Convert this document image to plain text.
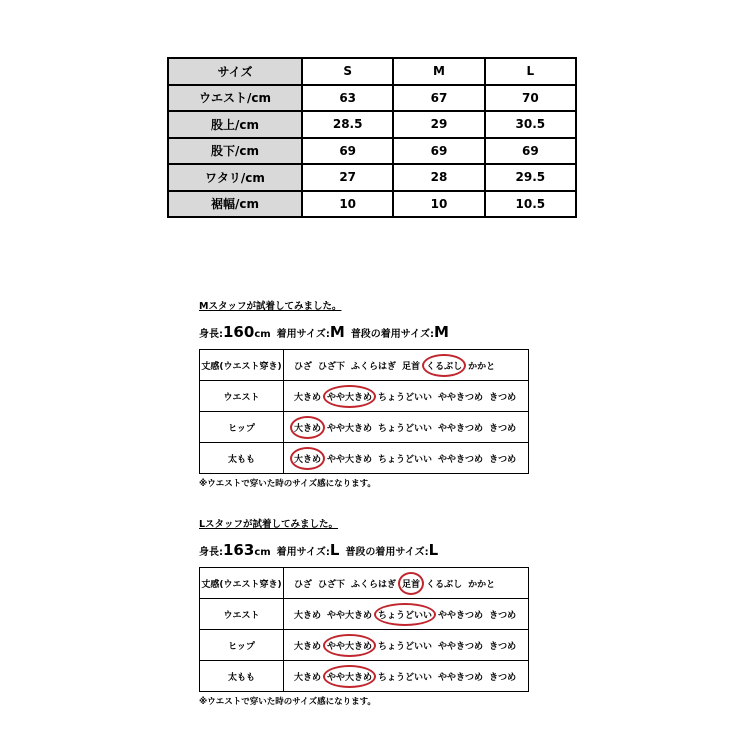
サイズ	S	M	L
ウエスト/cm	63	67	70
股上/cm	28.5	29	30.5
股下/cm	69	69	69
ワタリ/cm	27	28	29.5
裾幅/cm	10	10	10.5
Mスタッフが試着してみました。
身長:160cm 着用サイズ:M 普段の着用サイズ:M
丈感(ウエスト穿き)	ひざ ひざ下 ふくらはぎ 足首 くるぶし かかと
ウエスト	大きめ やや大きめ ちょうどいい ややきつめ きつめ
ヒップ	大きめ やや大きめ ちょうどいい ややきつめ きつめ
太もも	大きめ やや大きめ ちょうどいい ややきつめ きつめ
※ウエストで穿いた時のサイズ感になります。
Lスタッフが試着してみました。
身長:163cm 着用サイズ:L 普段の着用サイズ:L
丈感(ウエスト穿き)	ひざ ひざ下 ふくらはぎ 足首 くるぶし かかと
ウエスト	大きめ やや大きめ ちょうどいい ややきつめ きつめ
ヒップ	大きめ やや大きめ ちょうどいい ややきつめ きつめ
太もも	大きめ やや大きめ ちょうどいい ややきつめ きつめ
※ウエストで穿いた時のサイズ感になります。
